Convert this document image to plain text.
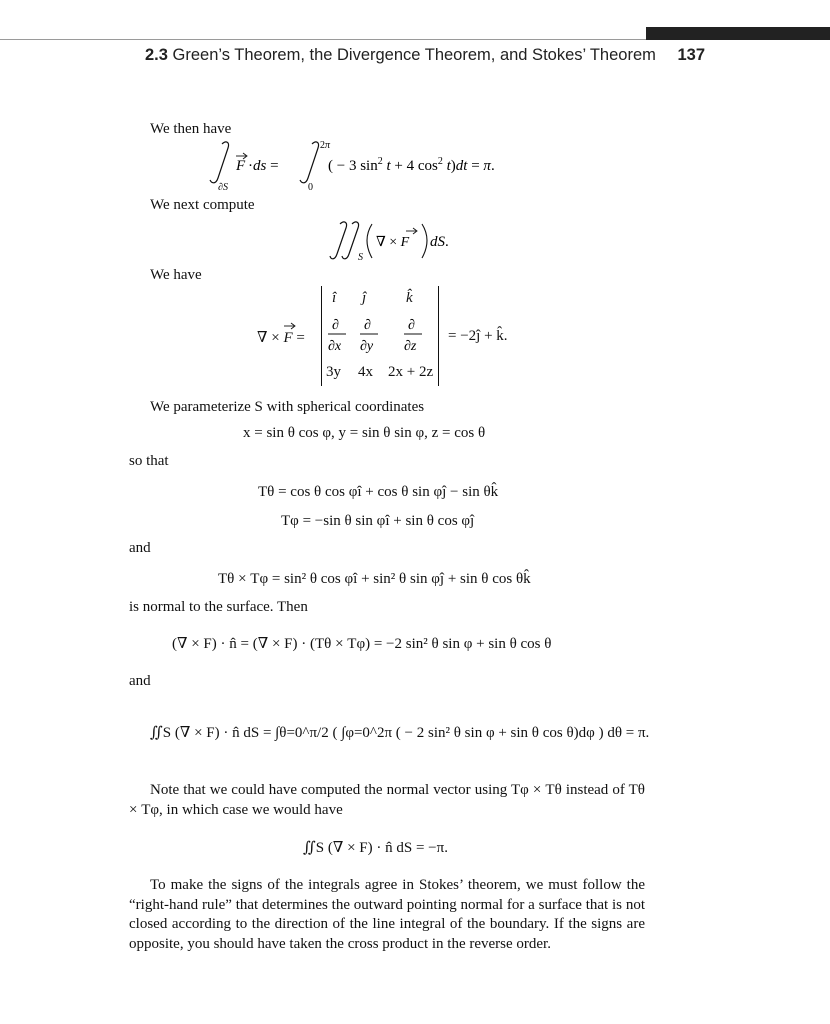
2.3 Green’s Theorem, the Divergence Theorem, and Stokes’ Theorem 137
We then have
∂S
F ·ds =
2π
0
( − 3 $\sin^2 t + 4$ $\cos^2 t)dt = \pi$.
We next compute
S
∇ × F dS.
We have
∇ × F =
î ĵ	k̂
∂
∂x
∂
∂y
∂
∂z
3y 4x 2x + 2z
= −2ĵ + k̂.
We parameterize S with spherical coordinates
x = sin θ cos φ, y = sin θ sin φ, z = cos θ
so that
Tθ = cos θ cos φî + cos θ sin φĵ − sin θk̂
Tφ = −sin θ sin φî + sin θ cos φĵ
and
Tθ × Tφ = sin² θ cos φî + sin² θ sin φĵ + sin θ cos θk̂
is normal to the surface. Then
(∇ × F) · n̂ = (∇ × F) · (Tθ × Tφ) = −2 sin² θ sin φ + sin θ cos θ
and
∬S (∇ × F) · n̂ dS = ∫θ=0^π/2 ( ∫φ=0^2π ( − 2 sin² θ sin φ + sin θ cos θ)dφ ) dθ = π.
Note that we could have computed the normal vector using Tφ × Tθ instead of Tθ × Tφ, in which case we would have
∬S (∇ × F) · n̂ dS = −π.
To make the signs of the integrals agree in Stokes’ theorem, we must follow the “right-hand rule” that determines the outward pointing normal for a surface that is not closed according to the direction of the line integral of the boundary. If the signs are opposite, you should have taken the cross product in the reverse order.
